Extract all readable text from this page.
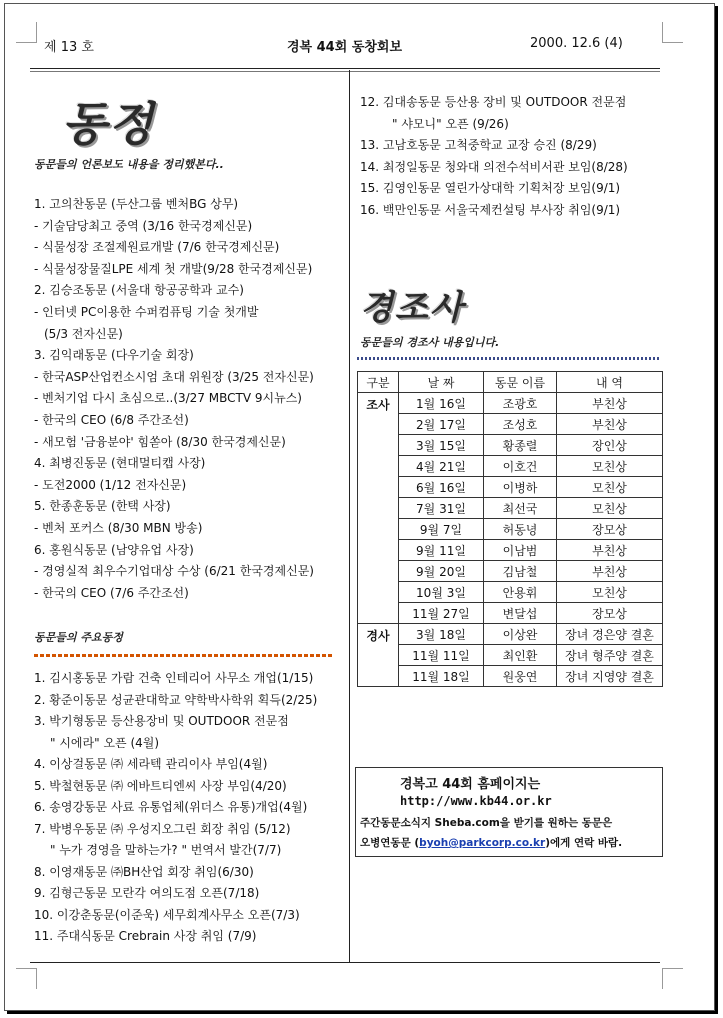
제 13 호	경복 44회 동창회보	2000. 12.6 (4)
동정
동문들의 언론보도 내용을 정리했본다..
1. 고의찬동문 (두산그룹 벤처BG 상무)
- 기술담당최고 중역 (3/16 한국경제신문)
- 식물성장 조절제원료개발 (7/6 한국경제신문)
- 식물성장물질LPE 세계 첫 개발(9/28 한국경제신문)
2. 김승조동문 (서울대 항공공학과 교수)
- 인터넷 PC이용한 수퍼컴퓨팅 기술 첫개발
(5/3 전자신문)
3. 김익래동문 (다우기술 회장)
- 한국ASP산업컨소시엄 초대 위원장 (3/25 전자신문)
- 벤처기업 다시 초심으로..(3/27 MBCTV 9시뉴스)
- 한국의 CEO (6/8 주간조선)
- 새모험 '금융분야' 힘쏟아 (8/30 한국경제신문)
4. 최병진동문 (현대멀티캡 사장)
- 도전2000 (1/12 전자신문)
5. 한종훈동문 (한택 사장)
- 벤처 포커스 (8/30 MBN 방송)
6. 홍원식동문 (남양유업 사장)
- 경영실적 최우수기업대상 수상 (6/21 한국경제신문)
- 한국의 CEO (7/6 주간조선)
동문들의 주요동정
1. 김시홍동문 가람 건축 인테리어 사무소 개업(1/15)
2. 황준이동문 성균관대학교 약학박사학위 획득(2/25)
3. 박기형동문 등산용장비 및 OUTDOOR 전문점
" 시에라" 오픈 (4월)
4. 이상걸동문 ㈜ 세라텍 관리이사 부임(4월)
5. 박철현동문 ㈜ 에바트티엔씨 사장 부임(4/20)
6. 송영강동문 사료 유통업체(위더스 유통)개업(4월)
7. 박병우동문 ㈜ 우성지오그린 회장 취임 (5/12)
" 누가 경영을 말하는가? " 번역서 발간(7/7)
8. 이영재동문 ㈜BH산업 회장 취임(6/30)
9. 김형근동문 모란각 여의도점 오픈(7/18)
10. 이강춘동문(이준욱) 세무회계사무소 오픈(7/3)
11. 주대식동문 Crebrain 사장 취임 (7/9)
12. 김대송동문 등산용 장비 및 OUTDOOR 전문점
" 샤모니" 오픈 (9/26)
13. 고남호동문 고척중학교 교장 승진 (8/29)
14. 최정일동문 청와대 의전수석비서관 보임(8/28)
15. 김영인동문 열린가상대학 기획처장 보임(9/1)
16. 백만인동문 서울국제컨설팅 부사장 취임(9/1)
경조사
동문들의 경조사 내용입니다.
구분	날 짜	동문 이름	내 역
조사	1월 16일	조광호	부친상
	2월 17일	조성호	부친상
	3월 15일	황종렬	장인상
	4월 21일	이호건	모친상
	6월 16일	이병하	모친상
	7월 31일	최선국	모친상
	9월 7일	허동녕	장모상
	9월 11일	이남범	부친상
	9월 20일	김남철	부친상
	10월 3일	안용휘	모친상
	11월 27일	변달섭	장모상
경사	3월 18일	이상완	장녀 경은양 결혼
	11월 11일	최인환	장녀 형주양 결혼
	11월 18일	원웅연	장녀 지영양 결혼
경복고 44회 홈페이지는
http://www.kb44.or.kr
주간동문소식지 Sheba.com을 받기를 원하는 동문은
오병연동문 (byoh@parkcorp.co.kr)에게 연락 바람.
